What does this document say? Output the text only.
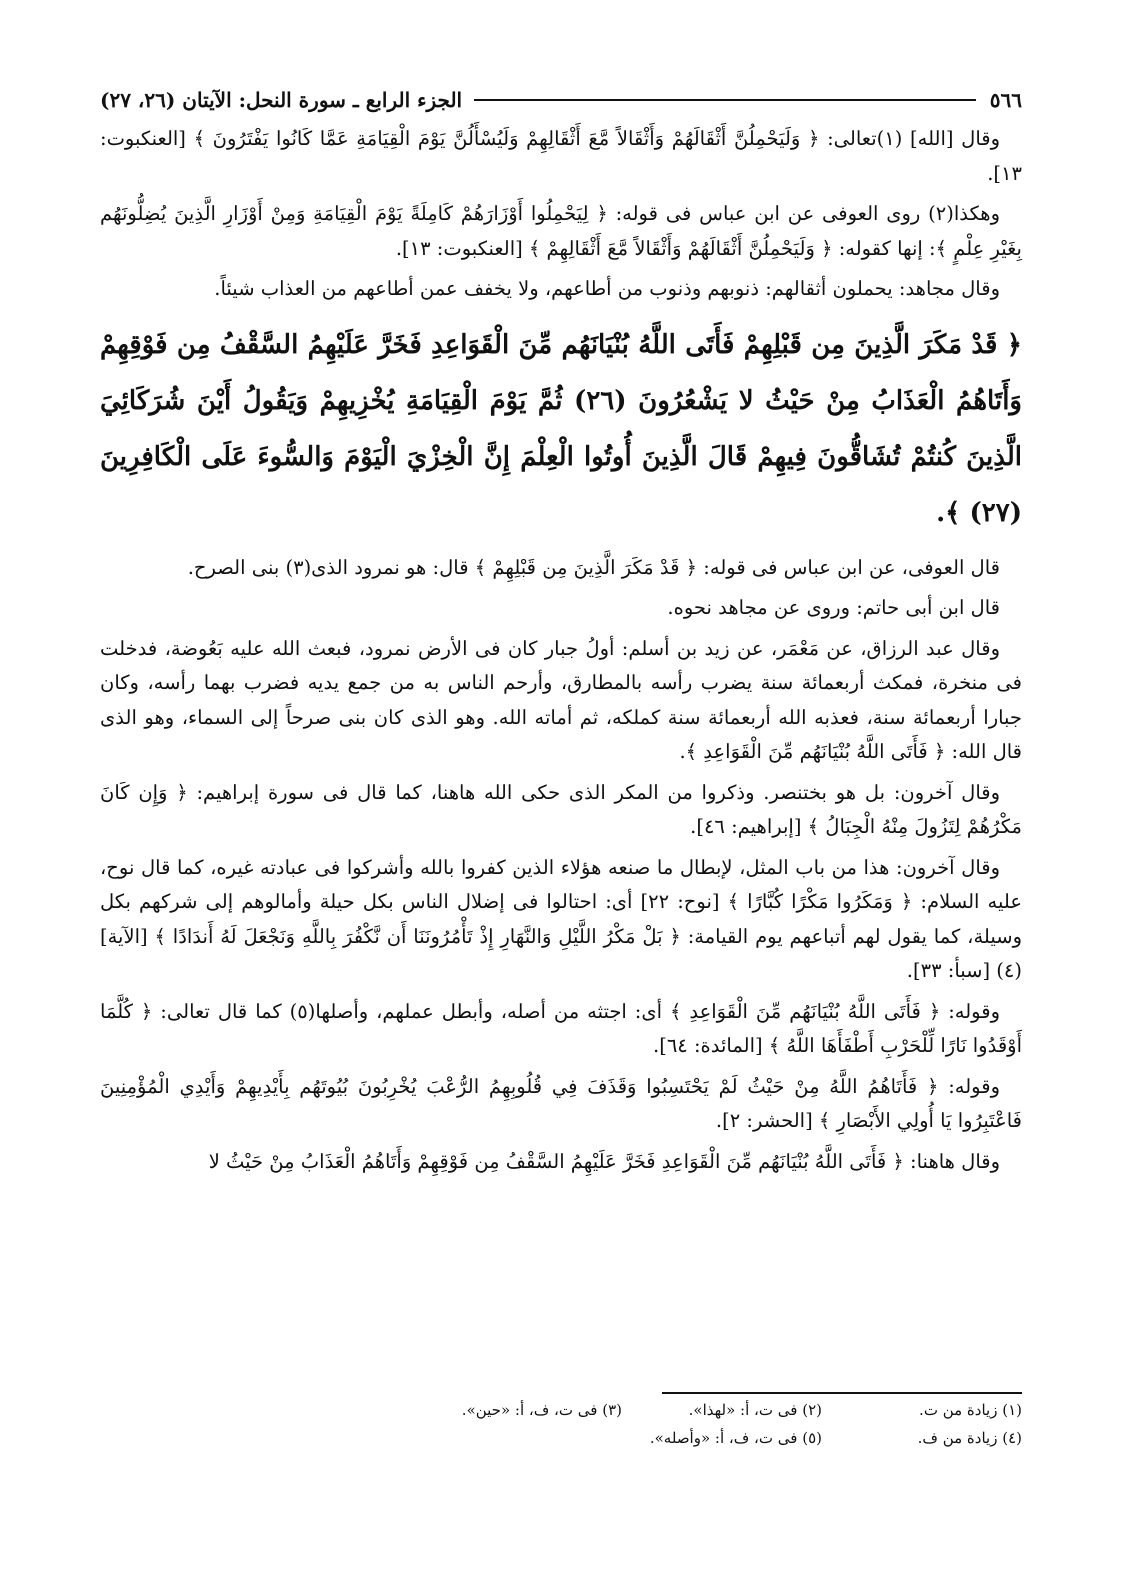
٥٦٦
الجزء الرابع ـ سورة النحل: الآيتان (٢٦، ٢٧)

وقال [الله] (١)تعالى: ﴿ وَلَيَحْمِلُنَّ أَثْقَالَهُمْ وَأَثْقَالاً مَّعَ أَثْقَالِهِمْ وَلَيُسْأَلُنَّ يَوْمَ الْقِيَامَةِ عَمَّا كَانُوا يَفْتَرُونَ ﴾ [العنكبوت: ١٣].

وهكذا(٢) روى العوفى عن ابن عباس فى قوله: ﴿ لِيَحْمِلُوا أَوْزَارَهُمْ كَامِلَةً يَوْمَ الْقِيَامَةِ وَمِنْ أَوْزَارِ الَّذِينَ يُضِلُّونَهُم بِغَيْرِ عِلْمٍ ﴾: إنها كقوله: ﴿ وَلَيَحْمِلُنَّ أَثْقَالَهُمْ وَأَثْقَالاً مَّعَ أَثْقَالِهِمْ ﴾ [العنكبوت: ١٣].

وقال مجاهد: يحملون أثقالهم: ذنوبهم وذنوب من أطاعهم، ولا يخفف عمن أطاعهم من العذاب شيئاً.

﴿ قَدْ مَكَرَ الَّذِينَ مِن قَبْلِهِمْ فَأَتَى اللَّهُ بُنْيَانَهُم مِّنَ الْقَوَاعِدِ فَخَرَّ عَلَيْهِمُ السَّقْفُ مِن فَوْقِهِمْ وَأَتَاهُمُ الْعَذَابُ مِنْ حَيْثُ لا يَشْعُرُونَ (٢٦) ثُمَّ يَوْمَ الْقِيَامَةِ يُخْزِيهِمْ وَيَقُولُ أَيْنَ شُرَكَائِيَ الَّذِينَ كُنتُمْ تُشَاقُّونَ فِيهِمْ قَالَ الَّذِينَ أُوتُوا الْعِلْمَ إِنَّ الْخِزْيَ الْيَوْمَ وَالسُّوءَ عَلَى الْكَافِرِينَ (٢٧) ﴾.

قال العوفى، عن ابن عباس فى قوله: ﴿ قَدْ مَكَرَ الَّذِينَ مِن قَبْلِهِمْ ﴾ قال: هو نمرود الذى(٣) بنى الصرح.

قال ابن أبى حاتم: وروى عن مجاهد نحوه.

وقال عبد الرزاق، عن مَعْمَر، عن زيد بن أسلم: أولُ جبار كان فى الأرض نمرود، فبعث الله عليه بَعُوضة، فدخلت فى منخرة، فمكث أربعمائة سنة يضرب رأسه بالمطارق، وأرحم الناس به من جمع يديه فضرب بهما رأسه، وكان جبارا أربعمائة سنة، فعذبه الله أربعمائة سنة كملكه، ثم أماته الله. وهو الذى كان بنى صرحاً إلى السماء، وهو الذى قال الله: ﴿ فَأَتَى اللَّهُ بُنْيَانَهُم مِّنَ الْقَوَاعِدِ ﴾.

وقال آخرون: بل هو بختنصر. وذكروا من المكر الذى حكى الله هاهنا، كما قال فى سورة إبراهيم: ﴿ وَإِن كَانَ مَكْرُهُمْ لِتَزُولَ مِنْهُ الْجِبَالُ ﴾ [إبراهيم: ٤٦].

وقال آخرون: هذا من باب المثل، لإبطال ما صنعه هؤلاء الذين كفروا بالله وأشركوا فى عبادته غيره، كما قال نوح، عليه السلام: ﴿ وَمَكَرُوا مَكْرًا كُبَّارًا ﴾ [نوح: ٢٢] أى: احتالوا فى إضلال الناس بكل حيلة وأمالوهم إلى شركهم بكل وسيلة، كما يقول لهم أتباعهم يوم القيامة: ﴿ بَلْ مَكْرُ اللَّيْلِ وَالنَّهَارِ إِذْ تَأْمُرُونَنَا أَن نَّكْفُرَ بِاللَّهِ وَنَجْعَلَ لَهُ أَندَادًا ﴾ [الآية](٤) [سبأ: ٣٣].

وقوله: ﴿ فَأَتَى اللَّهُ بُنْيَانَهُم مِّنَ الْقَوَاعِدِ ﴾ أى: اجتثه من أصله، وأبطل عملهم، وأصلها(٥) كما قال تعالى: ﴿ كُلَّمَا أَوْقَدُوا نَارًا لِّلْحَرْبِ أَطْفَأَهَا اللَّهُ ﴾ [المائدة: ٦٤].

وقوله: ﴿ فَأَتَاهُمُ اللَّهُ مِنْ حَيْثُ لَمْ يَحْتَسِبُوا وَقَذَفَ فِي قُلُوبِهِمُ الرُّعْبَ يُخْرِبُونَ بُيُوتَهُم بِأَيْدِيهِمْ وَأَيْدِي الْمُؤْمِنِينَ فَاعْتَبِرُوا يَا أُولِي الأَبْصَارِ ﴾ [الحشر: ٢].

وقال هاهنا: ﴿ فَأَتَى اللَّهُ بُنْيَانَهُم مِّنَ الْقَوَاعِدِ فَخَرَّ عَلَيْهِمُ السَّقْفُ مِن فَوْقِهِمْ وَأَتَاهُمُ الْعَذَابُ مِنْ حَيْثُ لا

(١) زيادة من ت.
(٢) فى ت، أ: «لهذا».
(٣) فى ت، ف، أ: «حين».
(٤) زيادة من ف.
(٥) فى ت، ف، أ: «وأصله».
